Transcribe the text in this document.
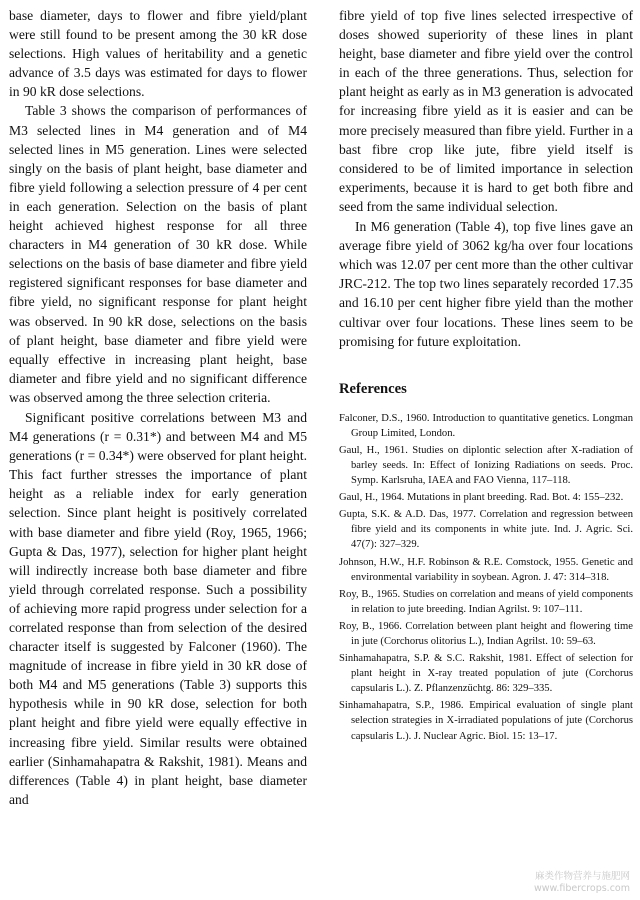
base diameter, days to flower and fibre yield/plant were still found to be present among the 30 kR dose selections. High values of heritability and a genetic advance of 3.5 days was estimated for days to flower in 90 kR dose selections.

Table 3 shows the comparison of performances of M3 selected lines in M4 generation and of M4 selected lines in M5 generation. Lines were selected singly on the basis of plant height, base diameter and fibre yield following a selection pressure of 4 per cent in each generation. Selection on the basis of plant height achieved highest response for all three characters in M4 generation of 30 kR dose. While selections on the basis of base diameter and fibre yield registered significant responses for base diameter and fibre yield, no significant response for plant height was observed. In 90 kR dose, selections on the basis of plant height, base diameter and fibre yield were equally effective in increasing plant height, base diameter and fibre yield and no significant difference was observed among the three selection criteria.

Significant positive correlations between M3 and M4 generations (r = 0.31*) and between M4 and M5 generations (r = 0.34*) were observed for plant height. This fact further stresses the importance of plant height as a reliable index for early generation selection. Since plant height is positively correlated with base diameter and fibre yield (Roy, 1965, 1966; Gupta & Das, 1977), selection for higher plant height will indirectly increase both base diameter and fibre yield through correlated response. Such a possibility of achieving more rapid progress under selection for a correlated response than from selection of the desired character itself is suggested by Falconer (1960). The magnitude of increase in fibre yield in 30 kR dose of both M4 and M5 generations (Table 3) supports this hypothesis while in 90 kR dose, selection for both plant height and fibre yield were equally effective in increasing fibre yield. Similar results were obtained earlier (Sinhamahapatra & Rakshit, 1981). Means and differences (Table 4) in plant height, base diameter and

fibre yield of top five lines selected irrespective of doses showed superiority of these lines in plant height, base diameter and fibre yield over the control in each of the three generations. Thus, selection for plant height as early as in M3 generation is advocated for increasing fibre yield as it is easier and can be more precisely measured than fibre yield. Further in a bast fibre crop like jute, fibre yield itself is considered to be of limited importance in selection experiments, because it is hard to get both fibre and seed from the same individual selection.

In M6 generation (Table 4), top five lines gave an average fibre yield of 3062 kg/ha over four locations which was 12.07 per cent more than the other cultivar JRC-212. The top two lines separately recorded 17.35 and 16.10 per cent higher fibre yield than the mother cultivar over four locations. These lines seem to be promising for future exploitation.

References

Falconer, D.S., 1960. Introduction to quantitative genetics. Longman Group Limited, London.

Gaul, H., 1961. Studies on diplontic selection after X-radiation of barley seeds. In: Effect of Ionizing Radiations on seeds. Proc. Symp. Karlsruha, IAEA and FAO Vienna, 117–118.

Gaul, H., 1964. Mutations in plant breeding. Rad. Bot. 4: 155–232.

Gupta, S.K. & A.D. Das, 1977. Correlation and regression between fibre yield and its components in white jute. Ind. J. Agric. Sci. 47(7): 327–329.

Johnson, H.W., H.F. Robinson & R.E. Comstock, 1955. Genetic and environmental variability in soybean. Agron. J. 47: 314–318.

Roy, B., 1965. Studies on correlation and means of yield components in relation to jute breeding. Indian Agrilst. 9: 107–111.

Roy, B., 1966. Correlation between plant height and flowering time in jute (Corchorus olitorius L.), Indian Agrilst. 10: 59–63.

Sinhamahapatra, S.P. & S.C. Rakshit, 1981. Effect of selection for plant height in X-ray treated population of jute (Corchorus capsularis L.). Z. Pflanzenzüchtg. 86: 329–335.

Sinhamahapatra, S.P., 1986. Empirical evaluation of single plant selection strategies in X-irradiated populations of jute (Corchorus capsularis L.). J. Nuclear Agric. Biol. 15: 13–17.

麻类作物营养与施肥网
www.fibercrops.com
